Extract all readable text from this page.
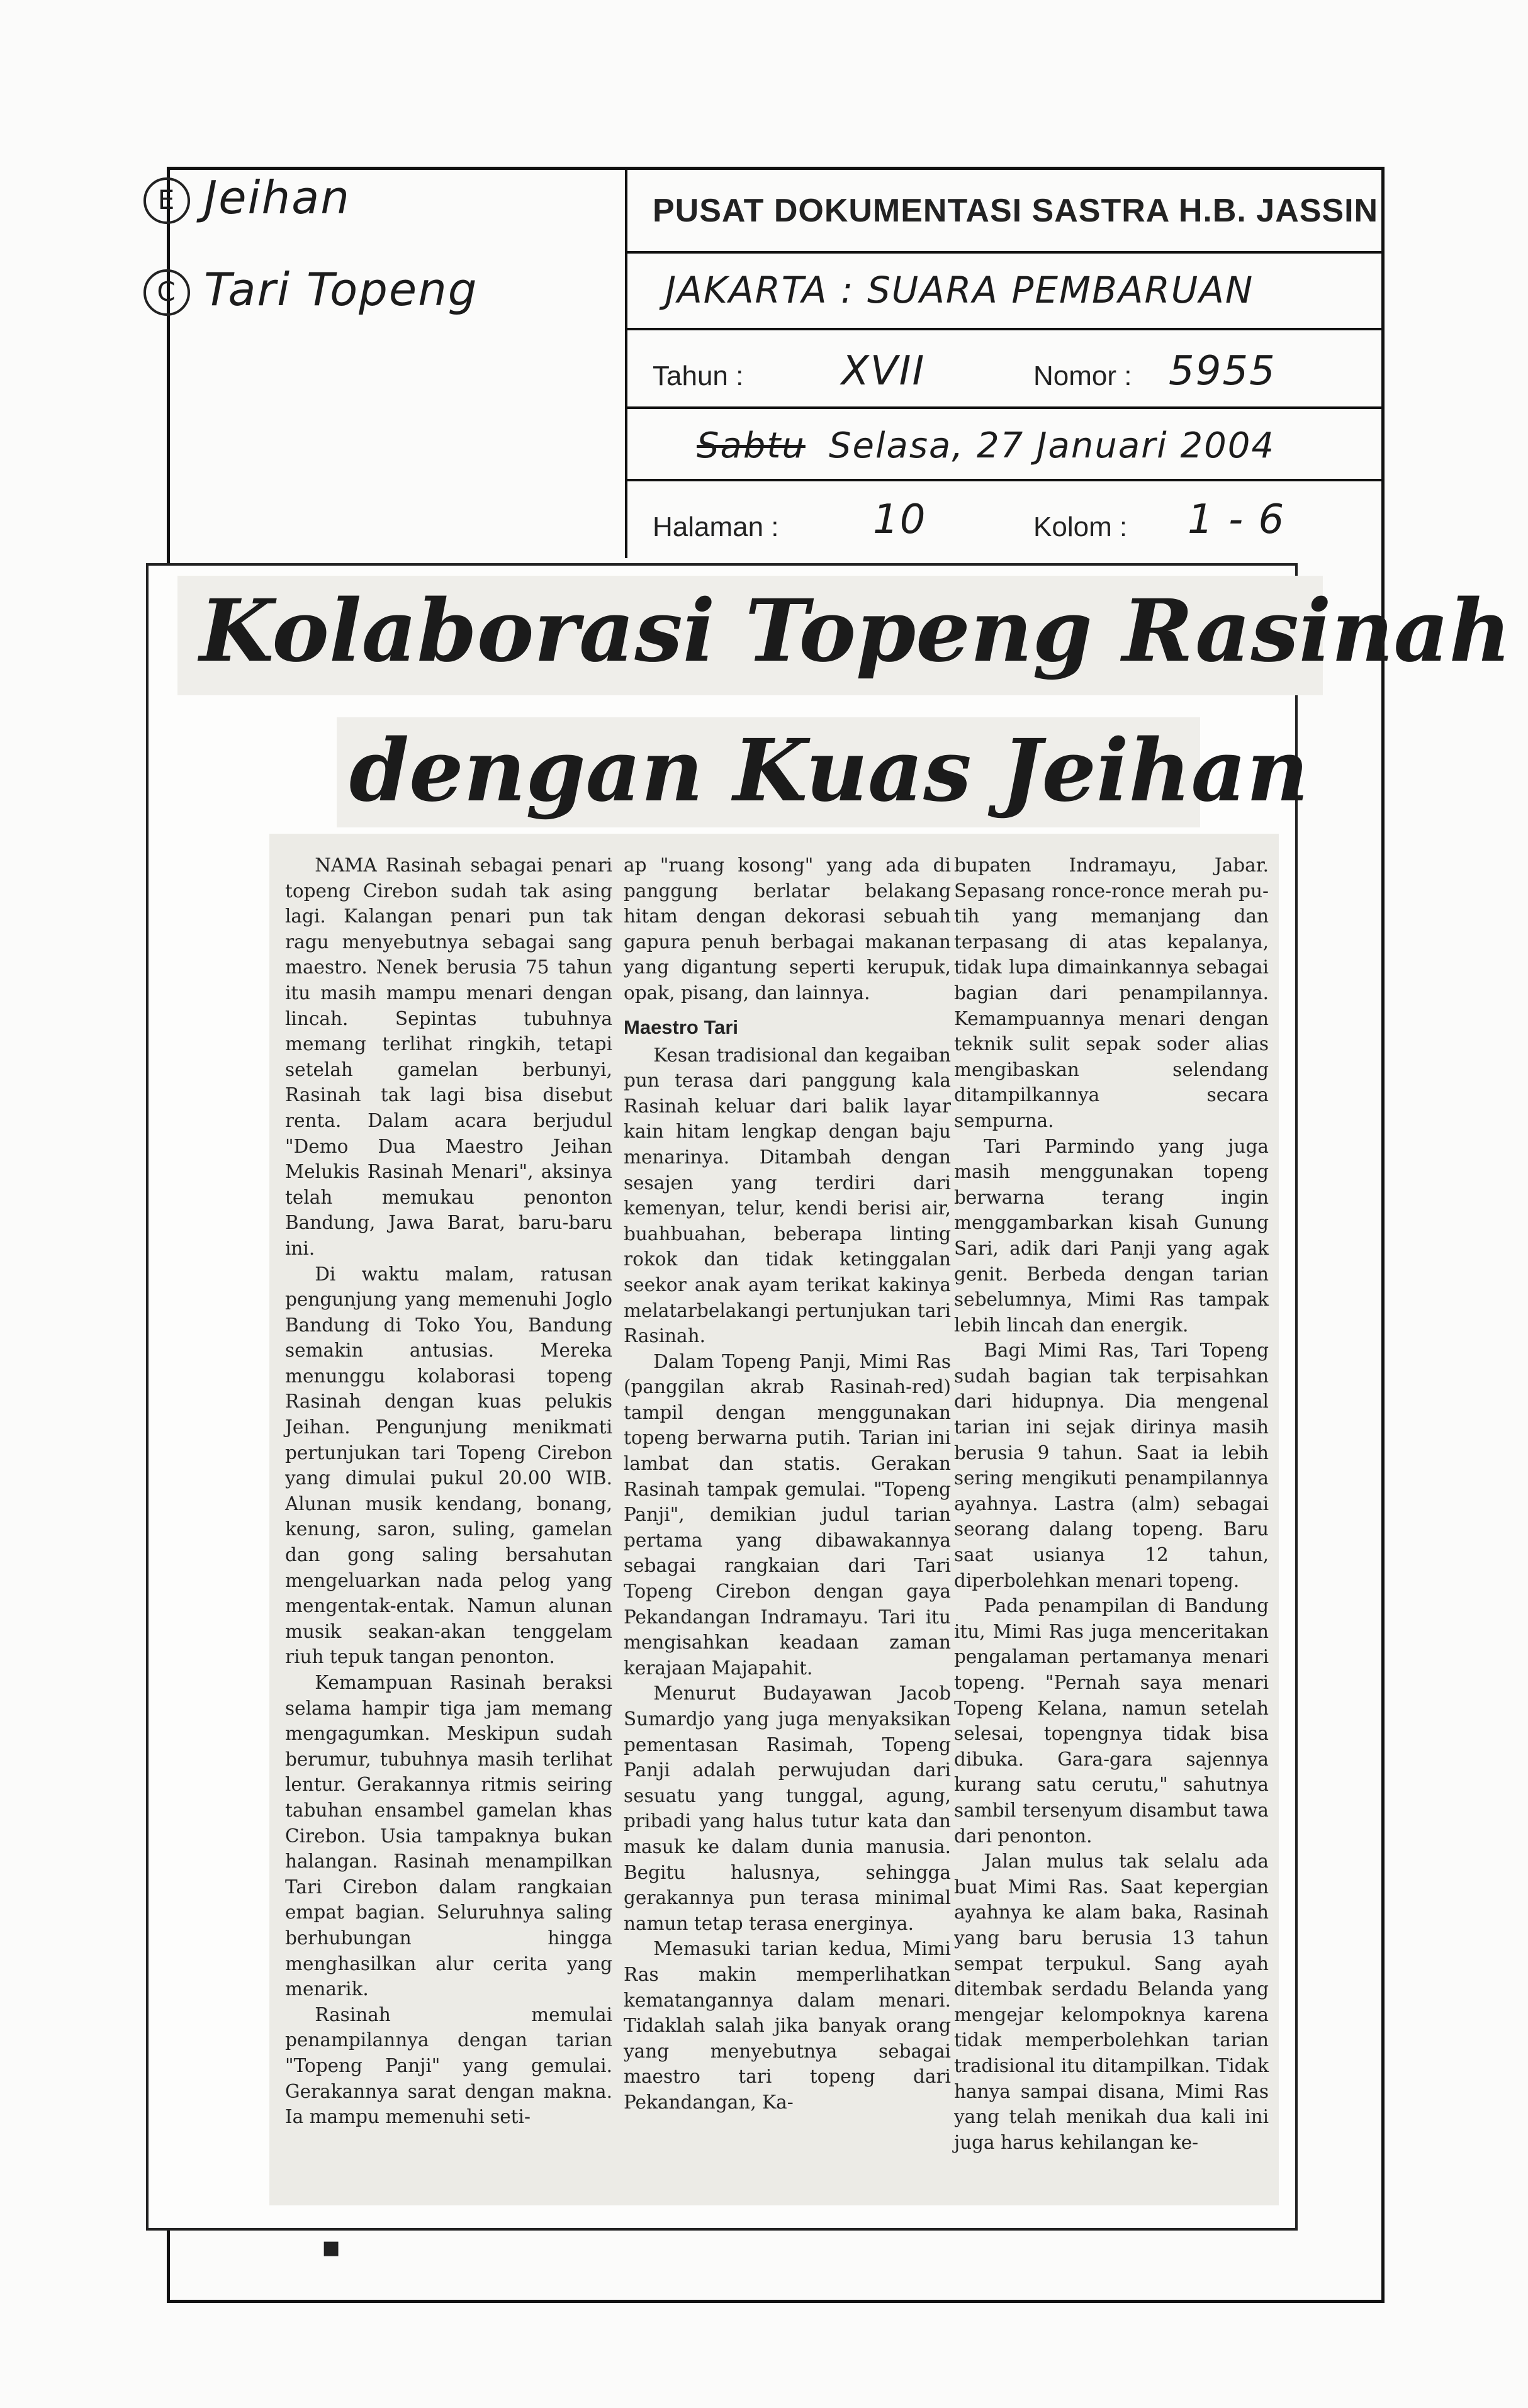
E Jeihan
C Tari Topeng
PUSAT DOKUMENTASI SASTRA H.B. JASSIN
JAKARTA : SUARA PEMBARUAN
Tahun : XVII	Nomor : 5955
Sabtu Selasa, 27 Januari 2004
Halaman : 10	Kolom : 1 - 6
Kolaborasi Topeng Rasinah
dengan Kuas Jeihan

NAMA Rasinah sebagai penari topeng Cirebon sudah tak asing lagi. Kalangan penari pun tak ragu menyebutnya sebagai sang maestro. Nenek berusia 75 tahun itu masih mampu menari dengan lincah. Sepintas tubuhnya memang terlihat ringkih, tetapi setelah gamelan berbunyi, Rasinah tak lagi bisa disebut renta. Dalam acara berjudul "Demo Dua Maestro Jeihan Melukis Rasinah Menari", aksinya telah memukau penonton Bandung, Jawa Barat, baru-baru ini.

Di waktu malam, ratusan pengunjung yang memenuhi Joglo Bandung di Toko You, Bandung semakin antusias. Mereka menunggu kolaborasi topeng Rasinah dengan kuas pelukis Jeihan. Pengunjung menikmati pertunjukan tari Topeng Cirebon yang dimulai pukul 20.00 WIB. Alunan musik kendang, bonang, kenung, saron, suling, gamelan dan gong saling bersahutan mengeluarkan nada pelog yang mengentak-entak. Namun alunan musik seakan-akan tenggelam riuh tepuk tangan penonton.

Kemampuan Rasinah beraksi selama hampir tiga jam memang mengagumkan. Meskipun sudah berumur, tubuhnya masih terlihat lentur. Gerakannya ritmis seiring tabuhan ensambel gamelan khas Cirebon. Usia tampaknya bukan halangan. Rasinah menampilkan Tari Cirebon dalam rangkaian empat bagian. Seluruhnya saling berhubungan hingga menghasilkan alur cerita yang menarik.

Rasinah memulai penampilannya dengan tarian "Topeng Panji" yang gemulai. Gerakannya sarat dengan makna. Ia mampu memenuhi seti-

ap "ruang kosong" yang ada di panggung berlatar belakang hitam dengan dekorasi sebuah gapura penuh berbagai makanan yang digantung seperti kerupuk, opak, pisang, dan lainnya.

Maestro Tari

Kesan tradisional dan kegaiban pun terasa dari panggung kala Rasinah keluar dari balik layar kain hitam lengkap dengan baju menarinya. Ditambah dengan sesajen yang terdiri dari kemenyan, telur, kendi berisi air, buahbuahan, beberapa linting rokok dan tidak ketinggalan seekor anak ayam terikat kakinya melatarbelakangi pertunjukan tari Rasinah.

Dalam Topeng Panji, Mimi Ras (panggilan akrab Rasinah-red) tampil dengan menggunakan topeng berwarna putih. Tarian ini lambat dan statis. Gerakan Rasinah tampak gemulai. "Topeng Panji", demikian judul tarian pertama yang dibawakannya sebagai rangkaian dari Tari Topeng Cirebon dengan gaya Pekandangan Indramayu. Tari itu mengisahkan keadaan zaman kerajaan Majapahit.

Menurut Budayawan Jacob Sumardjo yang juga menyaksikan pementasan Rasimah, Topeng Panji adalah perwujudan dari sesuatu yang tunggal, agung, pribadi yang halus tutur kata dan masuk ke dalam dunia manusia. Begitu halusnya, sehingga gerakannya pun terasa minimal namun tetap terasa energinya.

Memasuki tarian kedua, Mimi Ras makin memperlihatkan kematangannya dalam menari. Tidaklah salah jika banyak orang yang menyebutnya sebagai maestro tari topeng dari Pekandangan, Ka-

bupaten Indramayu, Jabar. Sepasang ronce-ronce merah pu-tih yang memanjang dan terpasang di atas kepalanya, tidak lupa dimainkannya sebagai bagian dari penampilannya. Kemampuannya menari dengan teknik sulit sepak soder alias mengibaskan selendang ditampilkannya secara sempurna.

Tari Parmindo yang juga masih menggunakan topeng berwarna terang ingin menggambarkan kisah Gunung Sari, adik dari Panji yang agak genit. Berbeda dengan tarian sebelumnya, Mimi Ras tampak lebih lincah dan energik.

Bagi Mimi Ras, Tari Topeng sudah bagian tak terpisahkan dari hidupnya. Dia mengenal tarian ini sejak dirinya masih berusia 9 tahun. Saat ia lebih sering mengikuti penampilannya ayahnya. Lastra (alm) sebagai seorang dalang topeng. Baru saat usianya 12 tahun, diperbolehkan menari topeng.

Pada penampilan di Bandung itu, Mimi Ras juga menceritakan pengalaman pertamanya menari topeng. "Pernah saya menari Topeng Kelana, namun setelah selesai, topengnya tidak bisa dibuka. Gara-gara sajennya kurang satu cerutu," sahutnya sambil tersenyum disambut tawa dari penonton.

Jalan mulus tak selalu ada buat Mimi Ras. Saat kepergian ayahnya ke alam baka, Rasinah yang baru berusia 13 tahun sempat terpukul. Sang ayah ditembak serdadu Belanda yang mengejar kelompoknya karena tidak memperbolehkan tarian tradisional itu ditampilkan. Tidak hanya sampai disana, Mimi Ras yang telah menikah dua kali ini juga harus kehilangan ke-

■
